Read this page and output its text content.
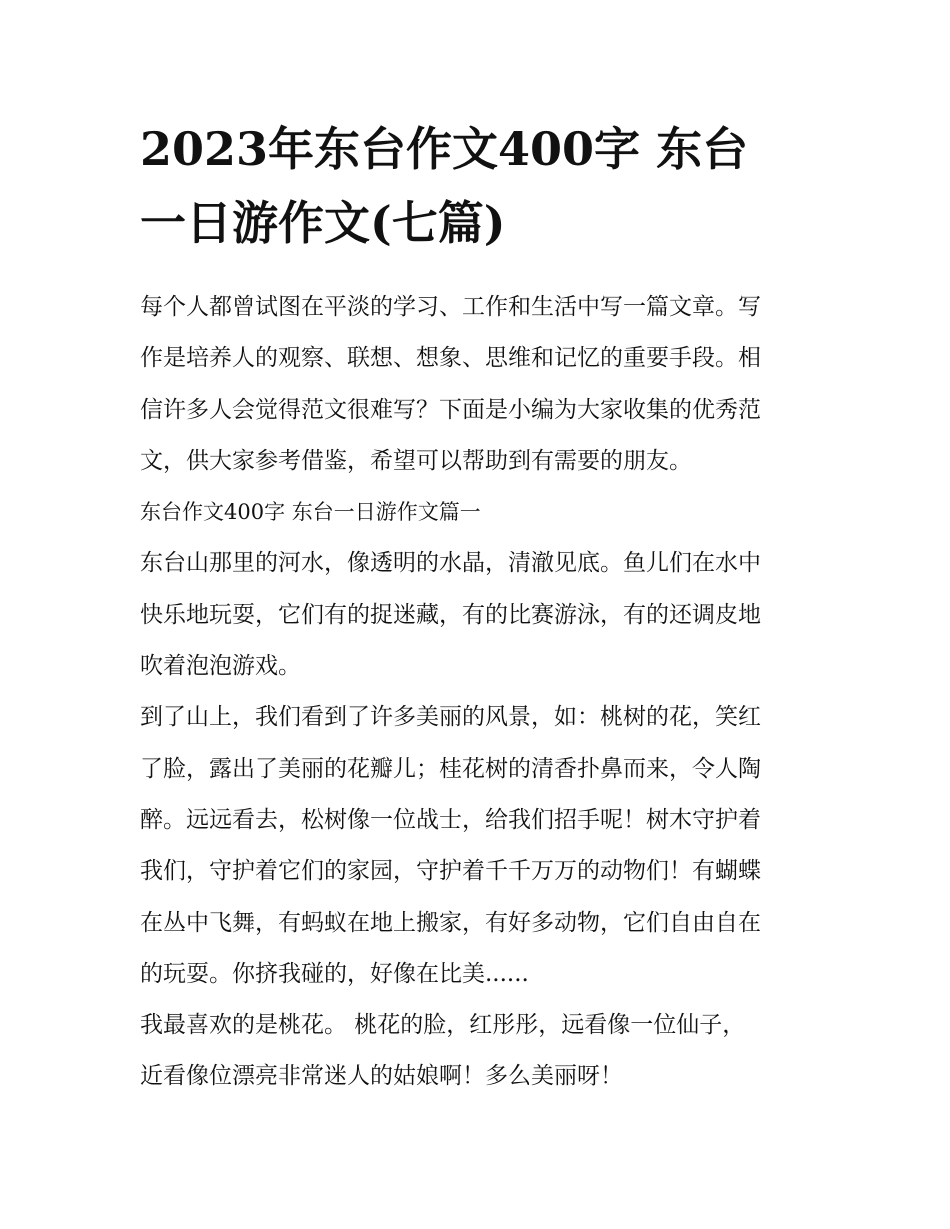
2023年东台作文400字 东台
一日游作文(七篇)
每个人都曾试图在平淡的学习、工作和生活中写一篇文章。写
作是培养人的观察、联想、想象、思维和记忆的重要手段。相
信许多人会觉得范文很难写？下面是小编为大家收集的优秀范
文，供大家参考借鉴，希望可以帮助到有需要的朋友。
东台作文400字 东台一日游作文篇一
东台山那里的河水，像透明的水晶，清澈见底。鱼儿们在水中
快乐地玩耍，它们有的捉迷藏，有的比赛游泳，有的还调皮地
吹着泡泡游戏。
到了山上，我们看到了许多美丽的风景，如：桃树的花，笑红
了脸，露出了美丽的花瓣儿；桂花树的清香扑鼻而来，令人陶
醉。远远看去，松树像一位战士，给我们招手呢！树木守护着
我们，守护着它们的家园，守护着千千万万的动物们！有蝴蝶
在丛中飞舞，有蚂蚁在地上搬家，有好多动物，它们自由自在
的玩耍。你挤我碰的，好像在比美......
我最喜欢的是桃花。 桃花的脸，红彤彤，远看像一位仙子，
近看像位漂亮非常迷人的姑娘啊！多么美丽呀！
